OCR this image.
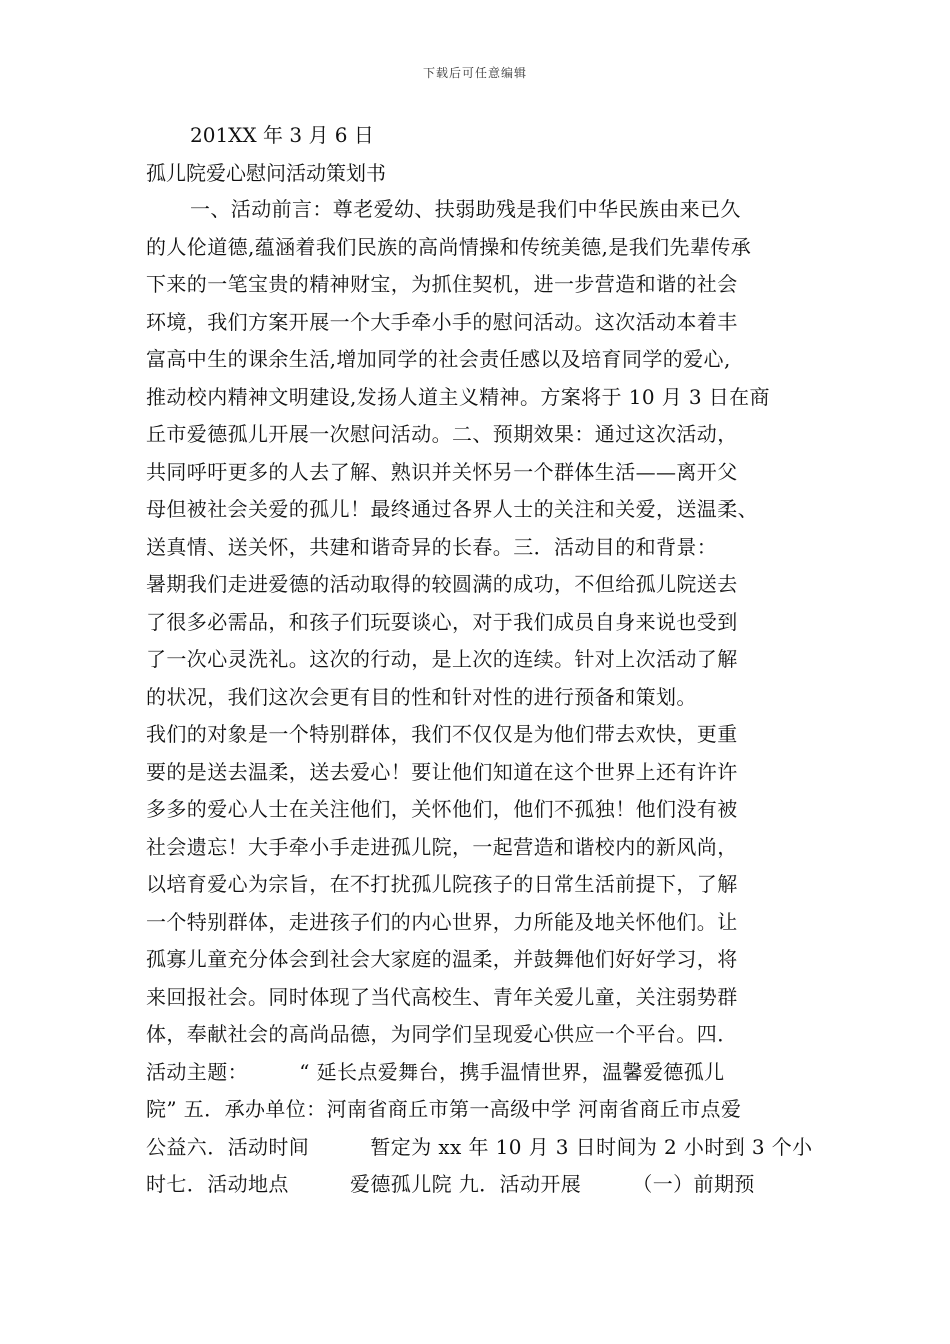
下载后可任意编辑
201XX 年 3 月 6 日
孤儿院爱心慰问活动策划书
一、活动前言：尊老爱幼、扶弱助残是我们中华民族由来已久
的人伦道德,蕴涵着我们民族的高尚情操和传统美德,是我们先辈传承
下来的一笔宝贵的精神财宝，为抓住契机，进一步营造和谐的社会
环境，我们方案开展一个大手牵小手的慰问活动。这次活动本着丰
富高中生的课余生活,增加同学的社会责任感以及培育同学的爱心,
推动校内精神文明建设,发扬人道主义精神。方案将于 10 月 3 日在商
丘市爱德孤儿开展一次慰问活动。二、预期效果：通过这次活动，
共同呼吁更多的人去了解、熟识并关怀另一个群体生活——离开父
母但被社会关爱的孤儿！最终通过各界人士的关注和关爱，送温柔、
送真情、送关怀，共建和谐奇异的长春。三．活动目的和背景：
暑期我们走进爱德的活动取得的较圆满的成功，不但给孤儿院送去
了很多必需品，和孩子们玩耍谈心，对于我们成员自身来说也受到
了一次心灵洗礼。这次的行动，是上次的连续。针对上次活动了解
的状况，我们这次会更有目的性和针对性的进行预备和策划。
我们的对象是一个特别群体，我们不仅仅是为他们带去欢快，更重
要的是送去温柔，送去爱心！要让他们知道在这个世界上还有许许
多多的爱心人士在关注他们，关怀他们，他们不孤独！他们没有被
社会遗忘！大手牵小手走进孤儿院，一起营造和谐校内的新风尚，
以培育爱心为宗旨，在不打扰孤儿院孩子的日常生活前提下，了解
一个特别群体，走进孩子们的内心世界，力所能及地关怀他们。让
孤寡儿童充分体会到社会大家庭的温柔，并鼓舞他们好好学习，将
来回报社会。同时体现了当代高校生、青年关爱儿童，关注弱势群
体，奉献社会的高尚品德，为同学们呈现爱心供应一个平台。四．
活动主题：　　　“ 延长点爱舞台，携手温情世界，温馨爱德孤儿
院” 五．承办单位：河南省商丘市第一高级中学 河南省商丘市点爱
公益六．活动时间　　　暂定为 xx 年 10 月 3 日时间为 2 小时到 3 个小
时七．活动地点　　　爱德孤儿院 九．活动开展　　　（一）前期预
